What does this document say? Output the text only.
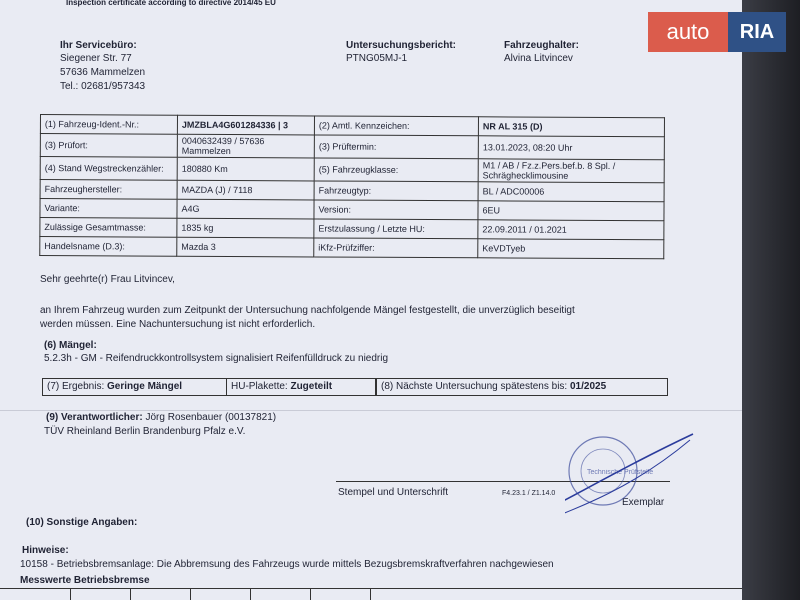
Inspection certificate according to directive 2014/45 EU
Ihr Servicebüro:
Siegener Str. 77
57636 Mammelzen
Tel.: 02681/957343
Untersuchungsbericht:
PTNG05MJ-1
Fahrzeughalter:
Alvina Litvincev
(1) Fahrzeug-Ident.-Nr.:	JMZBLA4G601284336 | 3	(2) Amtl. Kennzeichen:	NR AL 315 (D)
(3) Prüfort:	0040632439 / 57636 Mammelzen	(3) Prüftermin:	13.01.2023, 08:20 Uhr
(4) Stand Wegstreckenzähler:	180880 Km	(5) Fahrzeugklasse:	M1 / AB / Fz.z.Pers.bef.b. 8 Spl. / Schräghecklimousine
Fahrzeughersteller:	MAZDA (J) / 7118	Fahrzeugtyp:	BL / ADC00006
Variante:	A4G	Version:	6EU
Zulässige Gesamtmasse:	1835 kg	Erstzulassung / Letzte HU:	22.09.2011 / 01.2021
Handelsname (D.3):	Mazda 3	iKfz-Prüfziffer:	KeVDTyeb
Sehr geehrte(r) Frau Litvincev,
an Ihrem Fahrzeug wurden zum Zeitpunkt der Untersuchung nachfolgende Mängel festgestellt, die unverzüglich beseitigt
werden müssen. Eine Nachuntersuchung ist nicht erforderlich.
(6) Mängel:
5.2.3h - GM - Reifendruckkontrollsystem signalisiert Reifenfülldruck zu niedrig
(7) Ergebnis: Geringe Mängel	HU-Plakette: Zugeteilt	(8) Nächste Untersuchung spätestens bis: 01/2025
(9) Verantwortlicher: Jörg Rosenbauer (00137821)
TÜV Rheinland Berlin Brandenburg Pfalz e.V.
Stempel und Unterschrift	F4.23.1 / Z1.14.0
Exemplar
Technische Prüfstelle
(10) Sonstige Angaben:
Hinweise:
10158 - Betriebsbremsanlage: Die Abbremsung des Fahrzeugs wurde mittels Bezugsbremskraftverfahren nachgewiesen
Messwerte Betriebsbremse
auto	RIA
